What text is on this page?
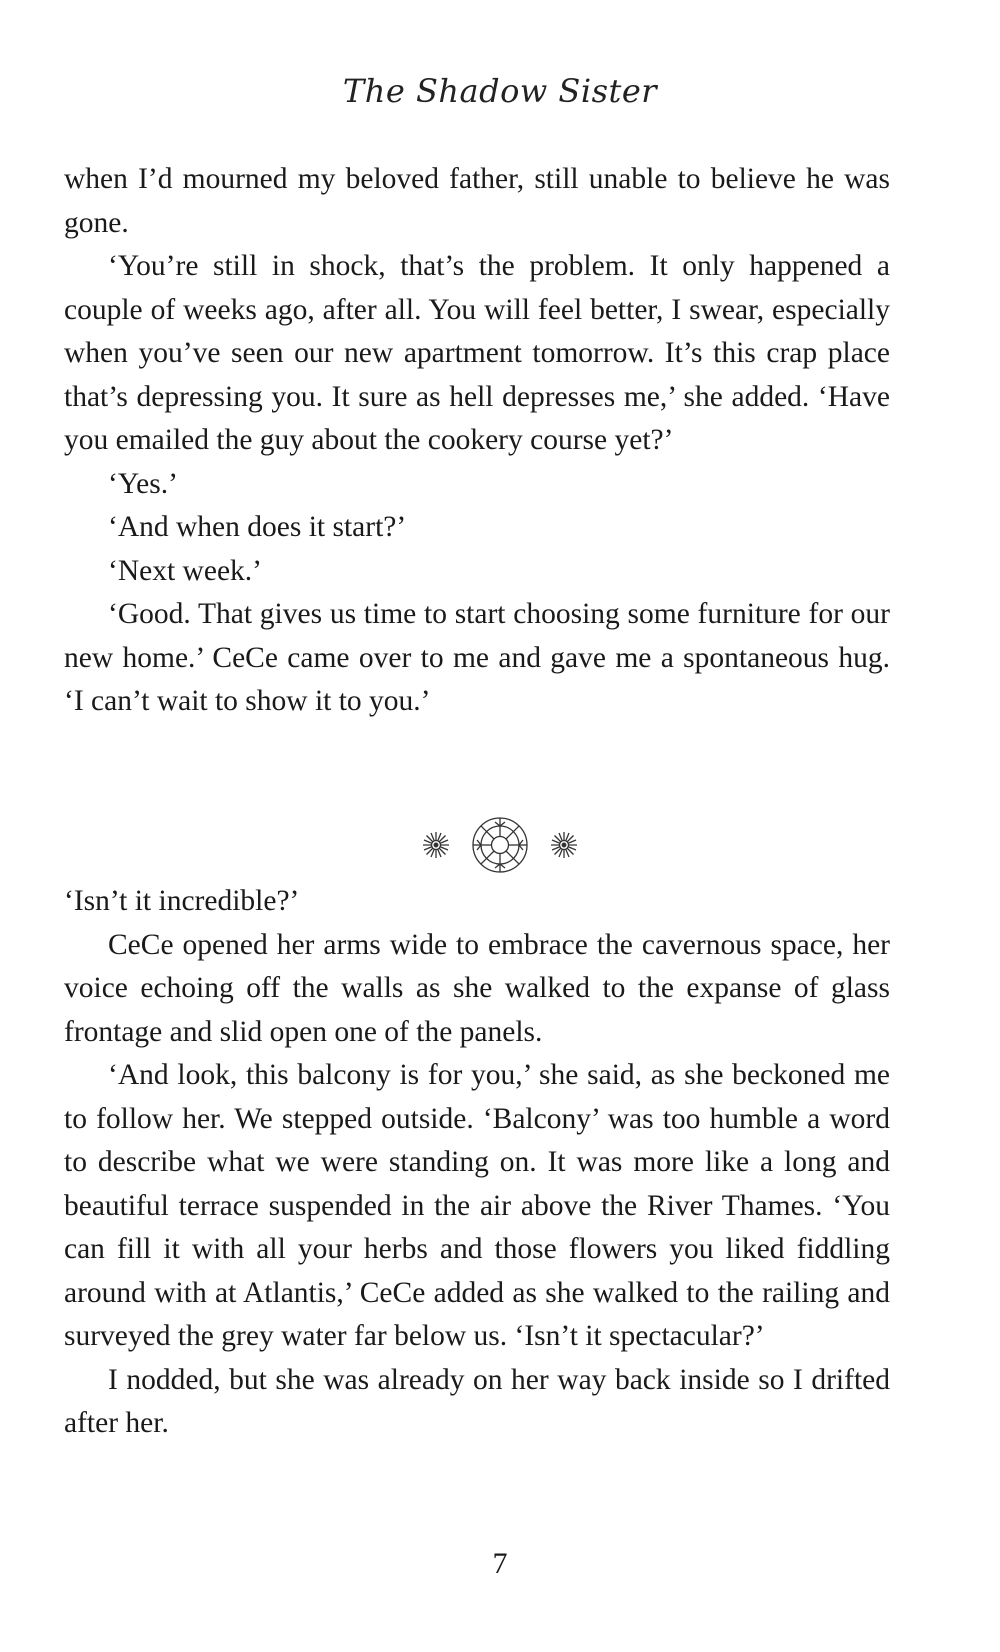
The Shadow Sister

when I’d mourned my beloved father, still unable to believe he was gone.

‘You’re still in shock, that’s the problem. It only happened a couple of weeks ago, after all. You will feel better, I swear, especially when you’ve seen our new apartment tomorrow. It’s this crap place that’s depressing you. It sure as hell depresses me,’ she added. ‘Have you emailed the guy about the cookery course yet?’

‘Yes.’

‘And when does it start?’

‘Next week.’

‘Good. That gives us time to start choosing some furniture for our new home.’ CeCe came over to me and gave me a spontaneous hug. ‘I can’t wait to show it to you.’

‘Isn’t it incredible?’

CeCe opened her arms wide to embrace the cavernous space, her voice echoing off the walls as she walked to the expanse of glass frontage and slid open one of the panels.

‘And look, this balcony is for you,’ she said, as she beckoned me to follow her. We stepped outside. ‘Balcony’ was too humble a word to describe what we were standing on. It was more like a long and beautiful terrace suspended in the air above the River Thames. ‘You can fill it with all your herbs and those flowers you liked fiddling around with at Atlantis,’ CeCe added as she walked to the railing and surveyed the grey water far below us. ‘Isn’t it spectacular?’

I nodded, but she was already on her way back inside so I drifted after her.

7
